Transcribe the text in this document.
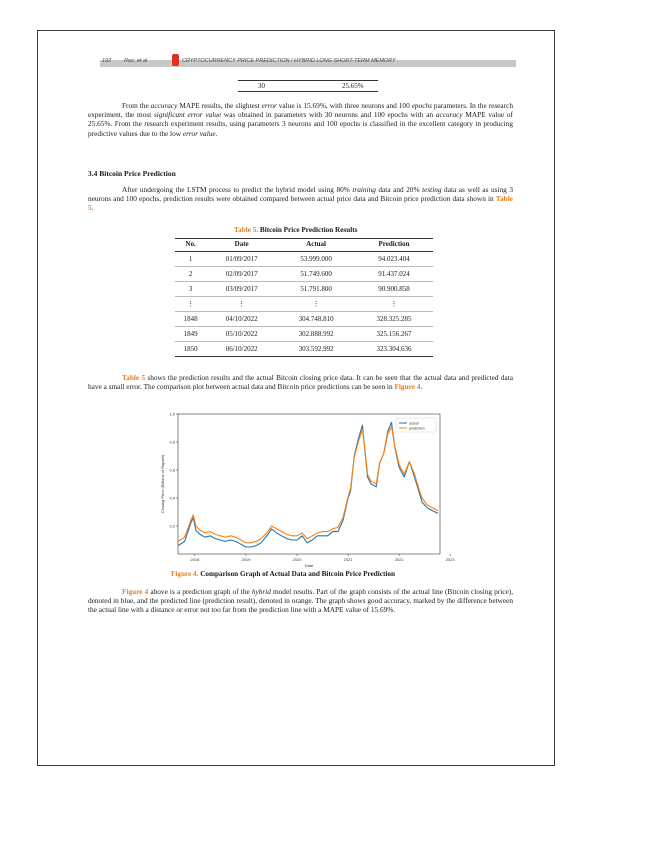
192 Rez. et al	CRYPTOCURRENCY PRICE PREDICTION / HYBRID LONG SHORT-TERM MEMORY .
30	25.65%

From the accuracy MAPE results, the slightest error value is 15.69%, with three neurons and 100 epochs parameters. In the research experiment, the most significant error value was obtained in parameters with 30 neurons and 100 epochs with an accuracy MAPE value of 25.65%. From the research experiment results, using parameters 3 neurons and 100 epochs is classified in the excellent category in producing predictive values due to the low error value.

3.4 Bitcoin Price Prediction

After undergoing the LSTM process to predict the hybrid model using 80% training data and 20% testing data as well as using 3 neurons and 100 epochs, prediction results were obtained compared between actual price data and Bitcoin price prediction data shown in Table 5.

Table 5. Bitcoin Price Prediction Results
No.	Date	Actual	Prediction
1	01/09/2017	53.999.000	94.023.404
2	02/09/2017	51.749.600	91.437.024
3	03/09/2017	51.791.800	90.900.858
⋮	⋮	⋮	⋮
1848	04/10/2022	304.748.810	328.325.285
1849	05/10/2022	302.888.992	325.156.267
1850	06/10/2022	303.592.992	323.304.636

Table 5 shows the prediction results and the actual Bitcoin closing price data. It can be seen that the actual data and predicted data have a small error. The comparison plot between actual data and Bitcoin price predictions can be seen in Figure 4.

0.2
0.4
0.6
0.8
1.0
2018	2019	2020	2021	2022	2023
Date
Closing Price (Billions of Rupiah)
actual
prediction
Figure 4. Comparison Graph of Actual Data and Bitcoin Price Prediction

Figure 4 above is a prediction graph of the hybrid model results. Part of the graph consists of the actual line (Bitcoin closing price), denoted in blue, and the predicted line (prediction result), denoted in orange. The graph shows good accuracy, marked by the difference between the actual line with a distance or error not too far from the prediction line with a MAPE value of 15.69%.
